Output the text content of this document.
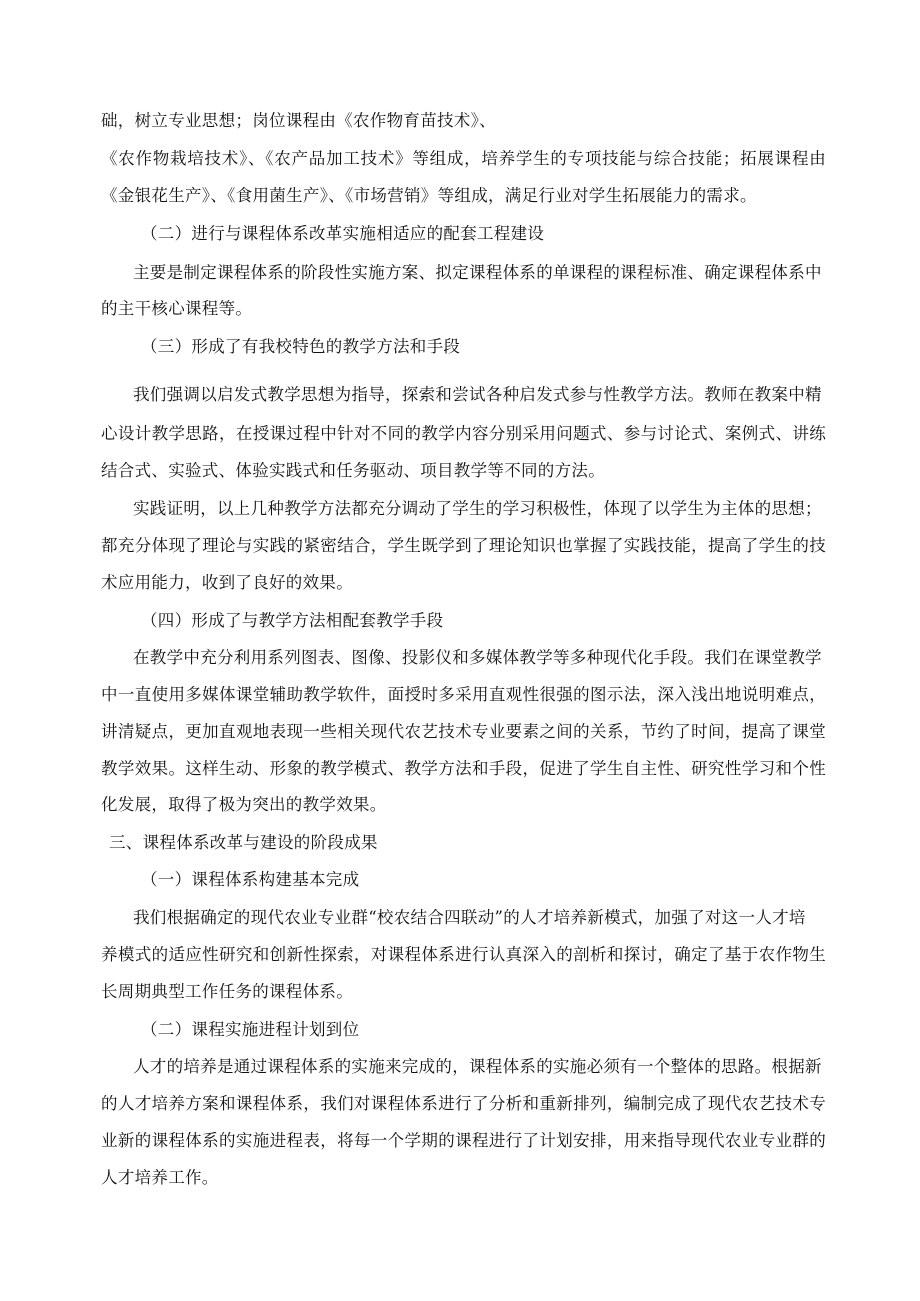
础，树立专业思想；岗位课程由《农作物育苗技术》、
《农作物栽培技术》、《农产品加工技术》等组成，培养学生的专项技能与综合技能；拓展课程由
《金银花生产》、《食用菌生产》、《市场营销》等组成，满足行业对学生拓展能力的需求。
（二）进行与课程体系改革实施相适应的配套工程建设
主要是制定课程体系的阶段性实施方案、拟定课程体系的单课程的课程标准、确定课程体系中
的主干核心课程等。
（三）形成了有我校特色的教学方法和手段
我们强调以启发式教学思想为指导，探索和尝试各种启发式参与性教学方法。教师在教案中精
心设计教学思路，在授课过程中针对不同的教学内容分别采用问题式、参与讨论式、案例式、讲练
结合式、实验式、体验实践式和任务驱动、项目教学等不同的方法。
实践证明，以上几种教学方法都充分调动了学生的学习积极性，体现了以学生为主体的思想；
都充分体现了理论与实践的紧密结合，学生既学到了理论知识也掌握了实践技能，提高了学生的技
术应用能力，收到了良好的效果。
（四）形成了与教学方法相配套教学手段
在教学中充分利用系列图表、图像、投影仪和多媒体教学等多种现代化手段。我们在课堂教学
中一直使用多媒体课堂辅助教学软件，面授时多采用直观性很强的图示法，深入浅出地说明难点，
讲清疑点，更加直观地表现一些相关现代农艺技术专业要素之间的关系，节约了时间，提高了课堂
教学效果。这样生动、形象的教学模式、教学方法和手段，促进了学生自主性、研究性学习和个性
化发展，取得了极为突出的教学效果。
三、课程体系改革与建设的阶段成果
（一）课程体系构建基本完成
我们根据确定的现代农业专业群“校农结合四联动”的人才培养新模式，加强了对这一人才培
养模式的适应性研究和创新性探索，对课程体系进行认真深入的剖析和探讨，确定了基于农作物生
长周期典型工作任务的课程体系。
（二）课程实施进程计划到位
人才的培养是通过课程体系的实施来完成的，课程体系的实施必须有一个整体的思路。根据新
的人才培养方案和课程体系，我们对课程体系进行了分析和重新排列，编制完成了现代农艺技术专
业新的课程体系的实施进程表，将每一个学期的课程进行了计划安排，用来指导现代农业专业群的
人才培养工作。
